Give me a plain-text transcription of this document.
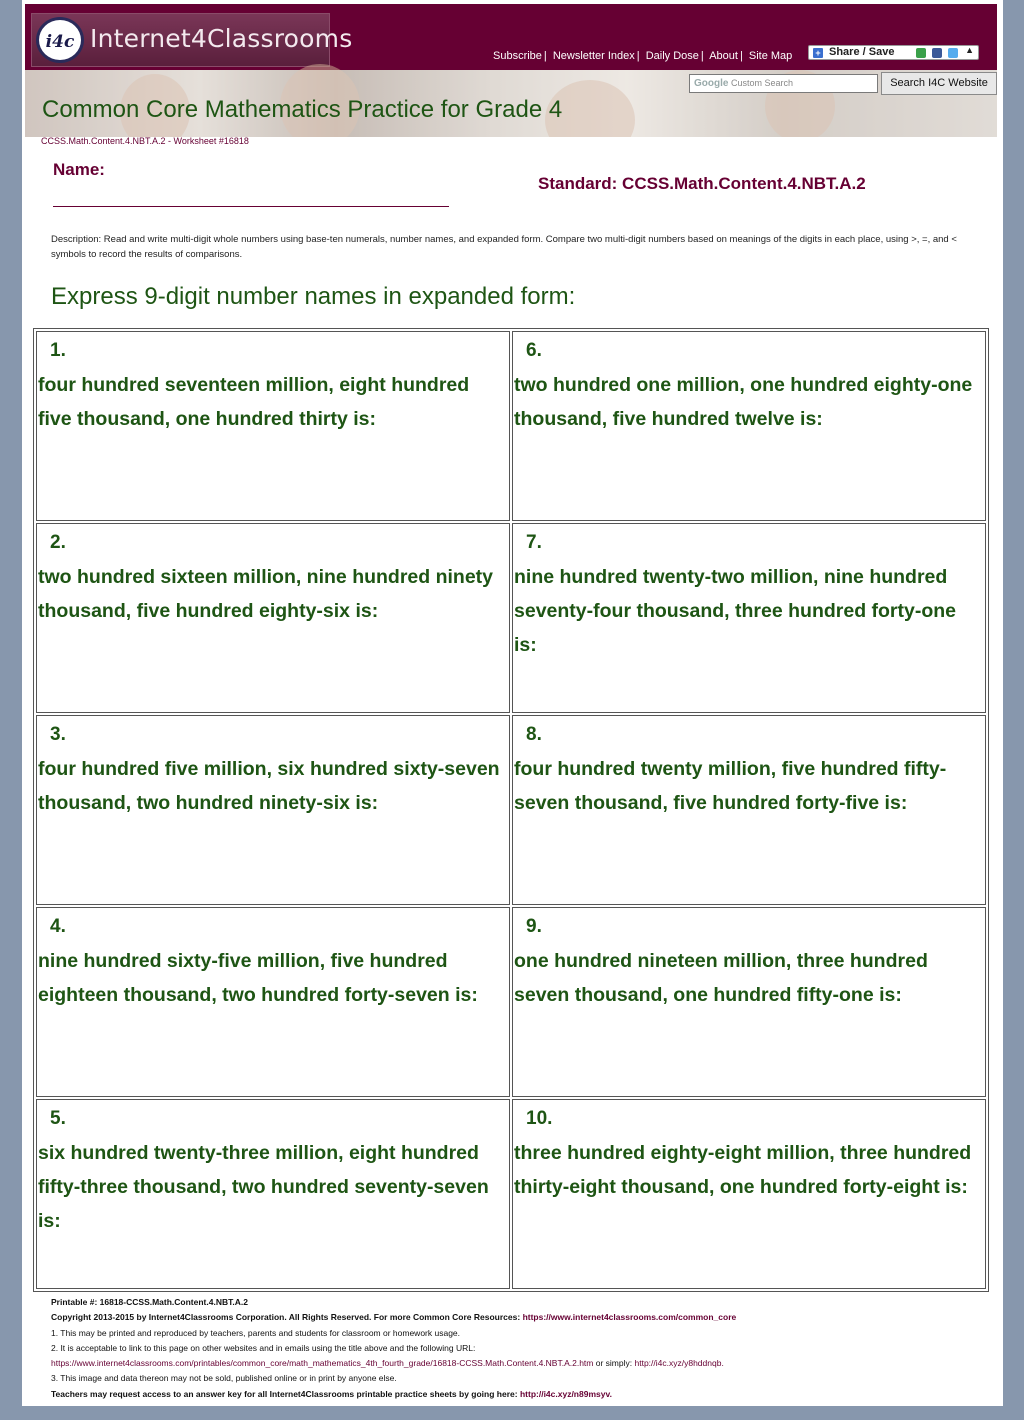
i4c Internet4Classrooms
Subscribe | Newsletter Index | Daily Dose | About | Site Map	+ Share / Save	▲

Google Custom Search	Search I4C Website
Common Core Mathematics Practice for Grade 4
CCSS.Math.Content.4.NBT.A.2 - Worksheet #16818
Name:
Standard: CCSS.Math.Content.4.NBT.A.2
Description: Read and write multi-digit whole numbers using base-ten numerals, number names, and expanded form. Compare two multi-digit numbers based on meanings of the digits in each place, using >, =, and < symbols to record the results of comparisons.
Express 9-digit number names in expanded form:
1.
four hundred seventeen million, eight hundred five thousand, one hundred thirty is:
6.
two hundred one million, one hundred eighty-one thousand, five hundred twelve is:
2.
two hundred sixteen million, nine hundred ninety thousand, five hundred eighty-six is:
7.
nine hundred twenty-two million, nine hundred seventy-four thousand, three hundred forty-one is:
3.
four hundred five million, six hundred sixty-seven thousand, two hundred ninety-six is:
8.
four hundred twenty million, five hundred fifty-seven thousand, five hundred forty-five is:
4.
nine hundred sixty-five million, five hundred eighteen thousand, two hundred forty-seven is:
9.
one hundred nineteen million, three hundred seven thousand, one hundred fifty-one is:
5.
six hundred twenty-three million, eight hundred fifty-three thousand, two hundred seventy-seven is:
10.
three hundred eighty-eight million, three hundred thirty-eight thousand, one hundred forty-eight is:
Printable #: 16818-CCSS.Math.Content.4.NBT.A.2
Copyright 2013-2015 by Internet4Classrooms Corporation. All Rights Reserved. For more Common Core Resources: https://www.internet4classrooms.com/common_core
1. This may be printed and reproduced by teachers, parents and students for classroom or homework usage.
2. It is acceptable to link to this page on other websites and in emails using the title above and the following URL:
https://www.internet4classrooms.com/printables/common_core/math_mathematics_4th_fourth_grade/16818-CCSS.Math.Content.4.NBT.A.2.htm or simply: http://i4c.xyz/y8hddnqb.
3. This image and data thereon may not be sold, published online or in print by anyone else.
Teachers may request access to an answer key for all Internet4Classrooms printable practice sheets by going here: http://i4c.xyz/n89msyv.
